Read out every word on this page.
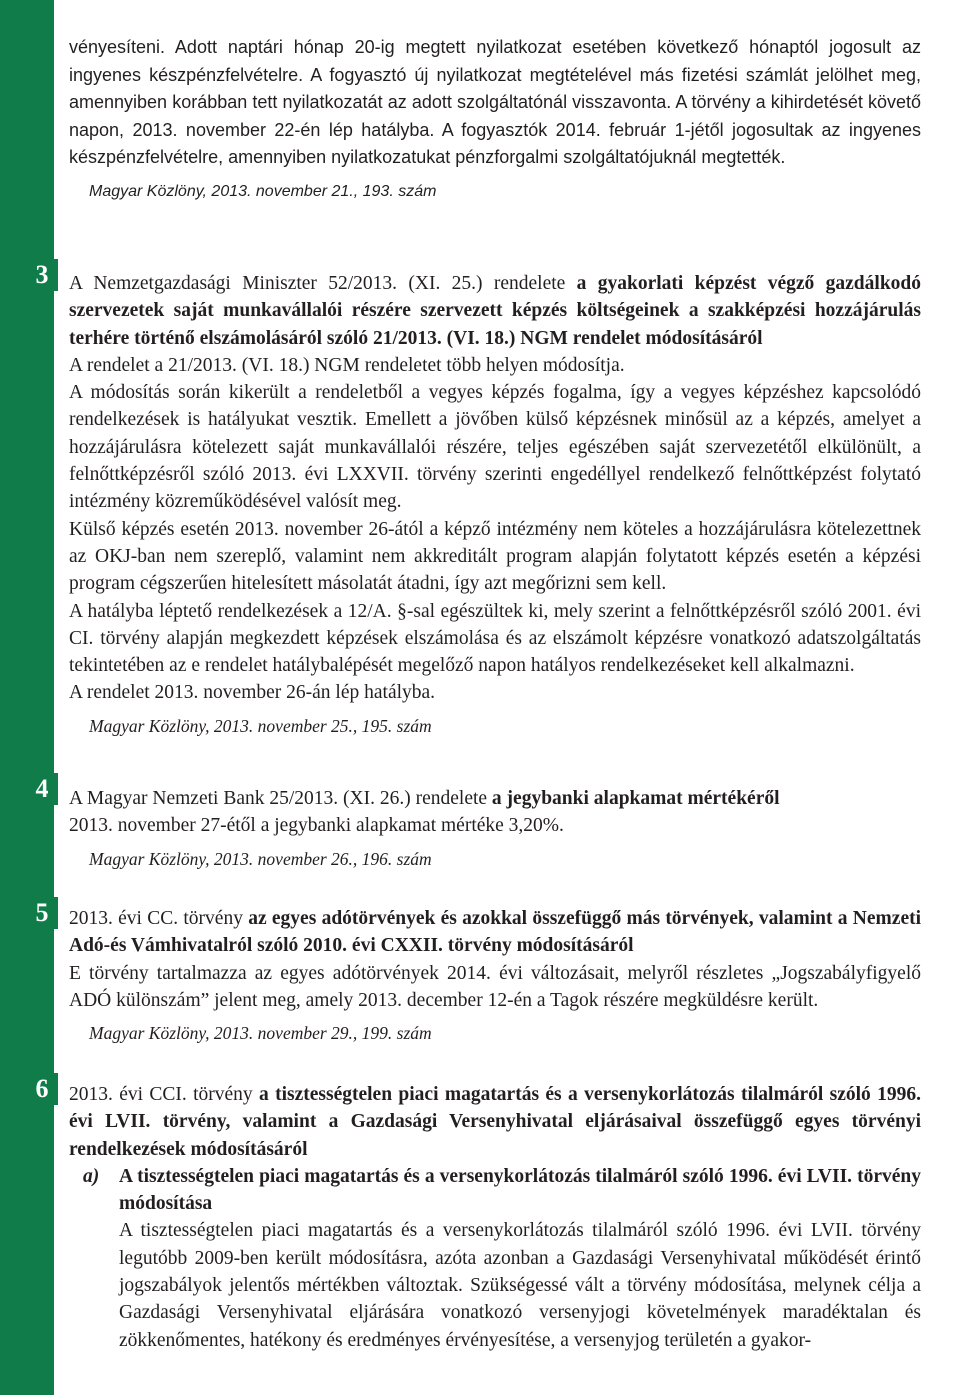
3
4
5
6

vényesíteni. Adott naptári hónap 20-ig megtett nyilatkozat esetében következő hónaptól jogosult az ingyenes készpénzfelvételre. A fogyasztó új nyilatkozat megtételével más fizetési számlát jelölhet meg, amennyiben korábban tett nyilatkozatát az adott szolgáltatónál visszavonta. A törvény a kihirdetését követő napon, 2013. november 22-én lép hatályba. A fogyasztók 2014. február 1-jétől jogosultak az ingyenes készpénzfelvételre, amennyiben nyilatkozatukat pénzforgalmi szolgáltatójuknál megtették.

Magyar Közlöny, 2013. november 21., 193. szám

A Nemzetgazdasági Miniszter 52/2013. (XI. 25.) rendelete a gyakorlati képzést végző gazdálkodó szervezetek saját munkavállalói részére szervezett képzés költségeinek a szakképzési hozzájárulás terhére történő elszámolásáról szóló 21/2013. (VI. 18.) NGM rendelet módosításáról

A rendelet a 21/2013. (VI. 18.) NGM rendeletet több helyen módosítja.

A módosítás során kikerült a rendeletből a vegyes képzés fogalma, így a vegyes képzéshez kapcsolódó rendelkezések is hatályukat vesztik. Emellett a jövőben külső képzésnek minősül az a képzés, amelyet a hozzájárulásra kötelezett saját munkavállalói részére, teljes egészében saját szervezetétől elkülönült, a felnőttképzésről szóló 2013. évi LXXVII. törvény szerinti engedéllyel rendelkező felnőttképzést folytató intézmény közreműködésével valósít meg.

Külső képzés esetén 2013. november 26-ától a képző intézmény nem köteles a hozzájárulásra kötelezettnek az OKJ-ban nem szereplő, valamint nem akkreditált program alapján folytatott képzés esetén a képzési program cégszerűen hitelesített másolatát átadni, így azt megőrizni sem kell.

A hatályba léptető rendelkezések a 12/A. §-sal egészültek ki, mely szerint a felnőttképzésről szóló 2001. évi CI. törvény alapján megkezdett képzések elszámolása és az elszámolt képzésre vonatkozó adatszolgáltatás tekintetében az e rendelet hatálybalépését megelőző napon hatályos rendelkezéseket kell alkalmazni.

A rendelet 2013. november 26-án lép hatályba.

Magyar Közlöny, 2013. november 25., 195. szám

A Magyar Nemzeti Bank 25/2013. (XI. 26.) rendelete a jegybanki alapkamat mértékéről

2013. november 27-étől a jegybanki alapkamat mértéke 3,20%.

Magyar Közlöny, 2013. november 26., 196. szám

2013. évi CC. törvény az egyes adótörvények és azokkal összefüggő más törvények, valamint a Nemzeti Adó-és Vámhivatalról szóló 2010. évi CXXII. törvény módosításáról

E törvény tartalmazza az egyes adótörvények 2014. évi változásait, melyről részletes „Jogszabályfigyelő ADÓ különszám” jelent meg, amely 2013. december 12-én a Tagok részére megküldésre került.

Magyar Közlöny, 2013. november 29., 199. szám

2013. évi CCI. törvény a tisztességtelen piaci magatartás és a versenykorlátozás tilalmáról szóló 1996. évi LVII. törvény, valamint a Gazdasági Versenyhivatal eljárásaival összefüggő egyes törvényi rendelkezések módosításáról

a)	A tisztességtelen piaci magatartás és a versenykorlátozás tilalmáról szóló 1996. évi LVII. törvény módosítása

A tisztességtelen piaci magatartás és a versenykorlátozás tilalmáról szóló 1996. évi LVII. törvény legutóbb 2009-ben került módosításra, azóta azonban a Gazdasági Versenyhivatal működését érintő jogszabályok jelentős mértékben változtak. Szükségessé vált a törvény módosítása, melynek célja a Gazdasági Versenyhivatal eljárására vonatkozó versenyjogi követelmények maradéktalan és zökkenőmentes, hatékony és eredményes érvényesítése, a versenyjog területén a gyakor-
